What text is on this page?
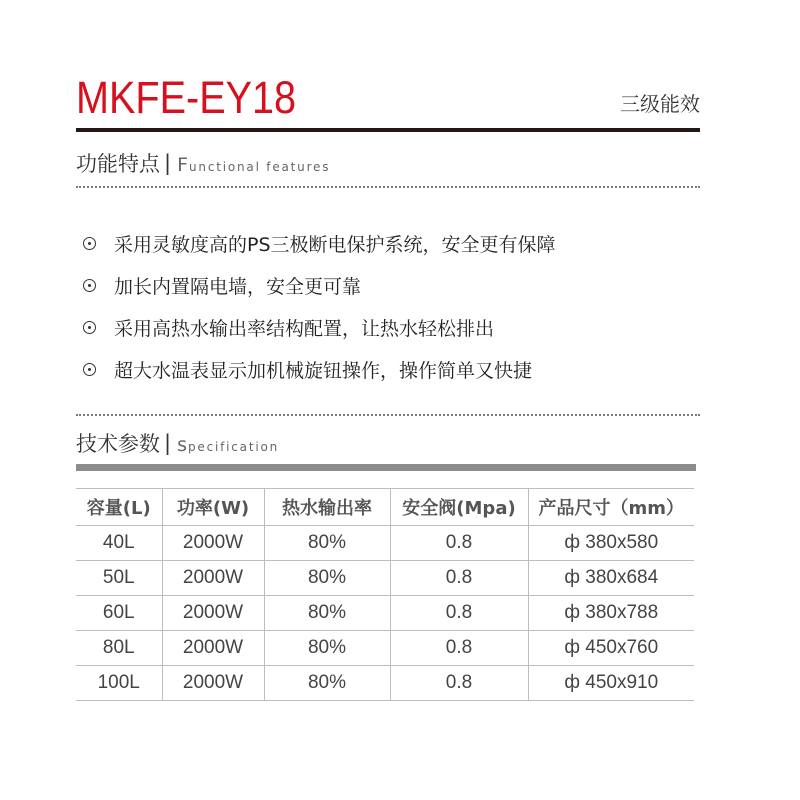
MKFE-EY18	三级能效

功能特点 | Functional features
采用灵敏度高的PS三极断电保护系统，安全更有保障
加长内置隔电墙，安全更可靠
采用高热水输出率结构配置，让热水轻松排出
超大水温表显示加机械旋钮操作，操作简单又快捷
技术参数 | specification
容量(L)	功率(W)	热水输出率	安全阀(Mpa)	产品尺寸（mm）
40L	2000W	80%	0.8	ф 380x580
50L	2000W	80%	0.8	ф 380x684
60L	2000W	80%	0.8	ф 380x788
80L	2000W	80%	0.8	ф 450x760
100L	2000W	80%	0.8	ф 450x910
